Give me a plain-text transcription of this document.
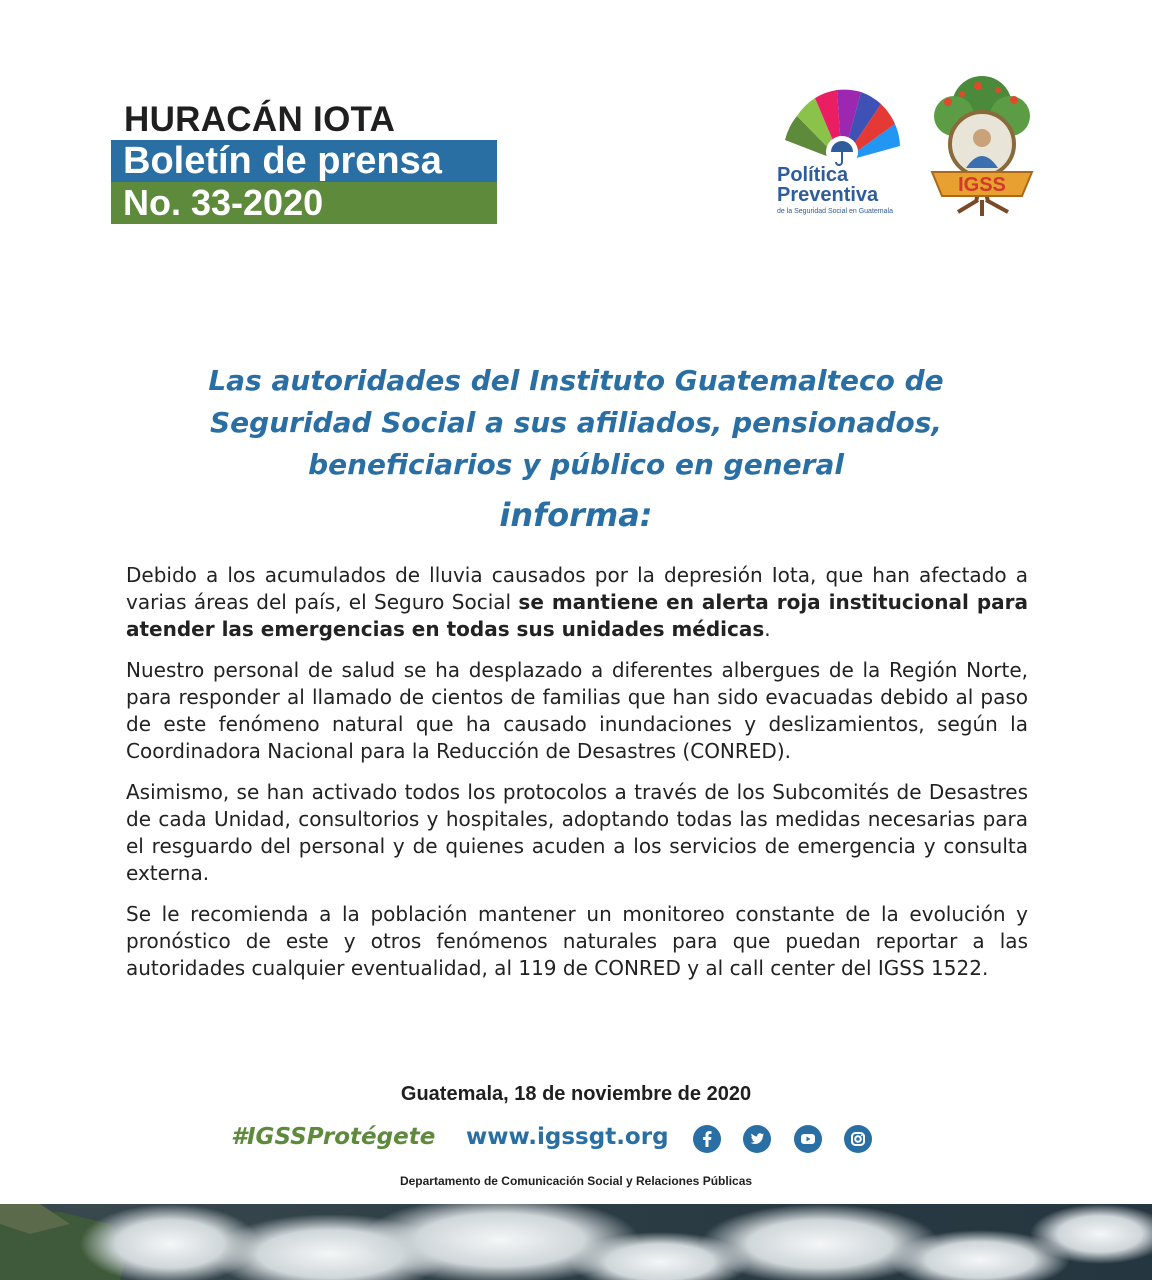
HURACÁN IOTA
Boletín de prensa
No. 33-2020
Política
Preventiva
de la Seguridad Social en Guatemala
IGSS
Las autoridades del Instituto Guatemalteco de
Seguridad Social a sus afiliados, pensionados,
beneficiarios y público en general
informa:

Debido a los acumulados de lluvia causados por la depresión Iota, que han afectado a varias áreas del país, el Seguro Social se mantiene en alerta roja institucional para atender las emergencias en todas sus unidades médicas.

Nuestro personal de salud se ha desplazado a diferentes albergues de la Región Norte, para responder al llamado de cientos de familias que han sido evacuadas debido al paso de este fenómeno natural que ha causado inundaciones y deslizamientos, según la Coordinadora Nacional para la Reducción de Desastres (CONRED).

Asimismo, se han activado todos los protocolos a través de los Subcomités de Desastres de cada Unidad, consultorios y hospitales, adoptando todas las medidas necesarias para el resguardo del personal y de quienes acuden a los servicios de emergencia y consulta externa.

Se le recomienda a la población mantener un monitoreo constante de la evolución y pronóstico de este y otros fenómenos naturales para que puedan reportar a las autoridades cualquier eventualidad, al 119 de CONRED y al call center del IGSS 1522.

Guatemala, 18 de noviembre de 2020
#IGSSProtégete www.igssgt.org
Departamento de Comunicación Social y Relaciones Públicas
